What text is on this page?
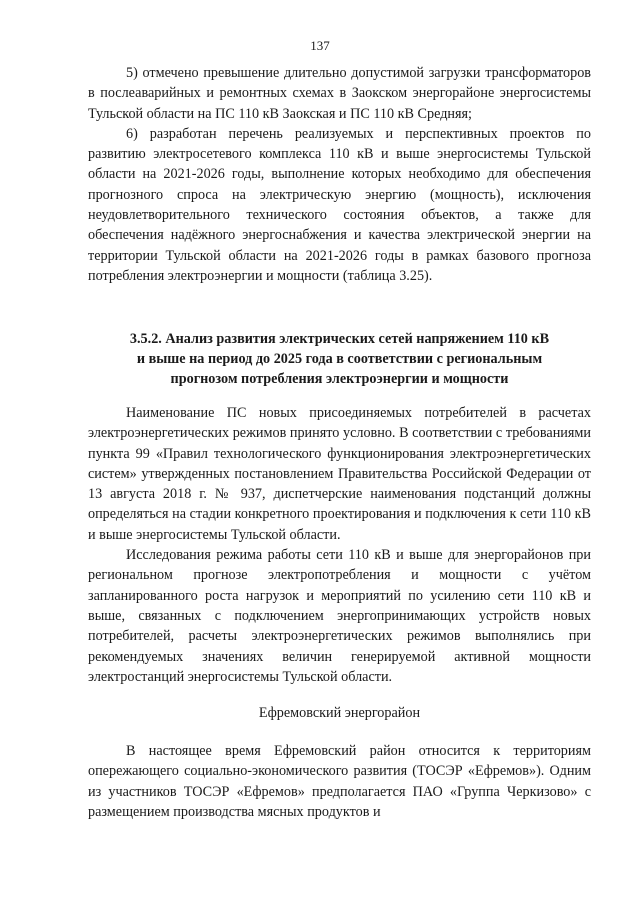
137

5) отмечено превышение длительно допустимой загрузки трансформаторов в послеаварийных и ремонтных схемах в Заокском энергорайоне энергосистемы Тульской области на ПС 110 кВ Заокская и ПС 110 кВ Средняя;

6) разработан перечень реализуемых и перспективных проектов по развитию электросетевого комплекса 110 кВ и выше энергосистемы Тульской области на 2021-2026 годы, выполнение которых необходимо для обеспечения прогнозного спроса на электрическую энергию (мощность), исключения неудовлетворительного технического состояния объектов, а также для обеспечения надёжного энергоснабжения и качества электрической энергии на территории Тульской области на 2021-2026 годы в рамках базового прогноза потребления электроэнергии и мощности (таблица 3.25).

3.5.2. Анализ развития электрических сетей напряжением 110 кВ

и выше на период до 2025 года в соответствии с региональным

прогнозом потребления электроэнергии и мощности

Наименование ПС новых присоединяемых потребителей в расчетах электроэнергетических режимов принято условно. В соответствии с требованиями пункта 99 «Правил технологического функционирования электроэнергетических систем» утвержденных постановлением Правительства Российской Федерации от 13 августа 2018 г. № 937, диспетчерские наименования подстанций должны определяться на стадии конкретного проектирования и подключения к сети 110 кВ и выше энергосистемы Тульской области.

Исследования режима работы сети 110 кВ и выше для энергорайонов при региональном прогнозе электропотребления и мощности с учётом запланированного роста нагрузок и мероприятий по усилению сети 110 кВ и выше, связанных с подключением энергопринимающих устройств новых потребителей, расчеты электроэнергетических режимов выполнялись при рекомендуемых значениях величин генерируемой активной мощности электростанций энергосистемы Тульской области.

Ефремовский энергорайон

В настоящее время Ефремовский район относится к территориям опережающего социально-экономического развития (ТОСЭР «Ефремов»). Одним из участников ТОСЭР «Ефремов» предполагается ПАО «Группа Черкизово» с размещением производства мясных продуктов и
